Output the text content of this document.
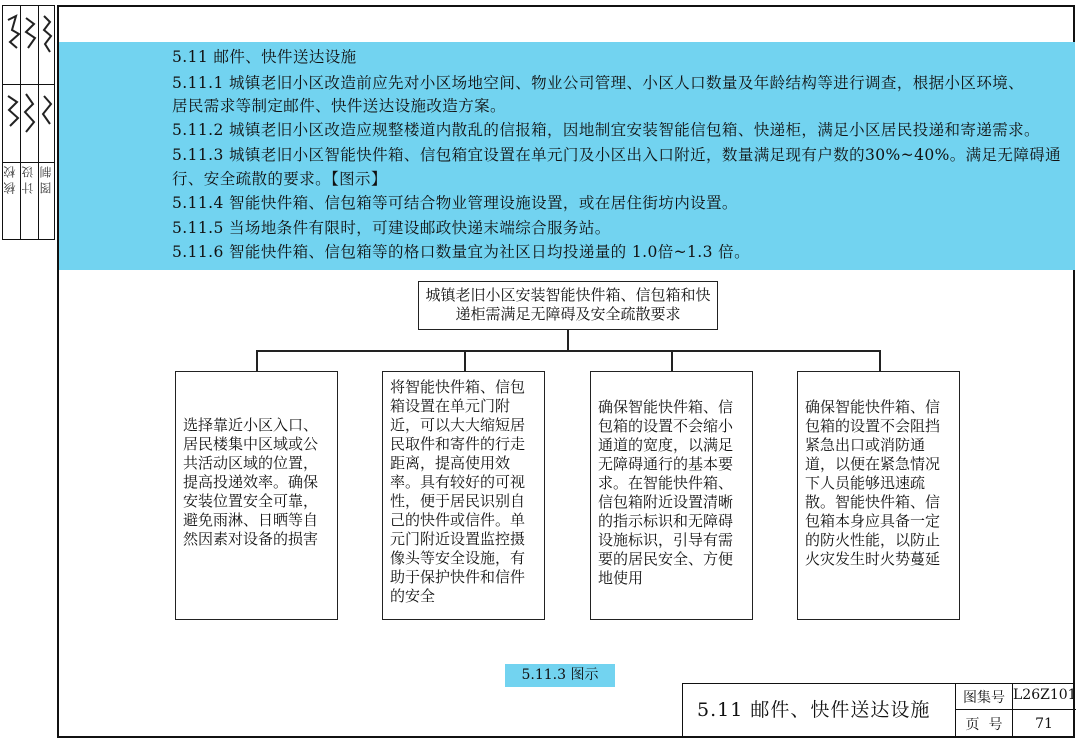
校
核
设
计
制
图

5.11 邮件、快件送达设施

5.11.1 城镇老旧小区改造前应先对小区场地空间、物业公司管理、小区人口数量及年龄结构等进行调查，根据小区环境、

居民需求等制定邮件、快件送达设施改造方案。

5.11.2 城镇老旧小区改造应规整楼道内散乱的信报箱，因地制宜安装智能信包箱、快递柜，满足小区居民投递和寄递需求。

5.11.3 城镇老旧小区智能快件箱、信包箱宜设置在单元门及小区出入口附近，数量满足现有户数的30%~40%。满足无障碍通

行、安全疏散的要求。【图示】

5.11.4 智能快件箱、信包箱等可结合物业管理设施设置，或在居住街坊内设置。

5.11.5 当场地条件有限时，可建设邮政快递末端综合服务站。

5.11.6 智能快件箱、信包箱等的格口数量宜为社区日均投递量的 1.0倍~1.3 倍。

城镇老旧小区安装智能快件箱、信包箱和快递柜需满足无障碍及安全疏散要求
选择靠近小区入口、居民楼集中区域或公共活动区域的位置，提高投递效率。确保安装位置安全可靠，避免雨淋、日晒等自然因素对设备的损害
将智能快件箱、信包箱设置在单元门附近，可以大大缩短居民取件和寄件的行走距离，提高使用效率。具有较好的可视性，便于居民识别自己的快件或信件。单元门附近设置监控摄像头等安全设施，有助于保护快件和信件的安全
确保智能快件箱、信包箱的设置不会缩小通道的宽度，以满足无障碍通行的基本要求。在智能快件箱、信包箱附近设置清晰的指示标识和无障碍设施标识，引导有需要的居民安全、方便地使用
确保智能快件箱、信包箱的设置不会阻挡紧急出口或消防通道，以便在紧急情况下人员能够迅速疏散。智能快件箱、信包箱本身应具备一定的防火性能，以防止火灾发生时火势蔓延
5.11.3 图示
5.11 邮件、快件送达设施
图集号 L26Z101
页  号	71
